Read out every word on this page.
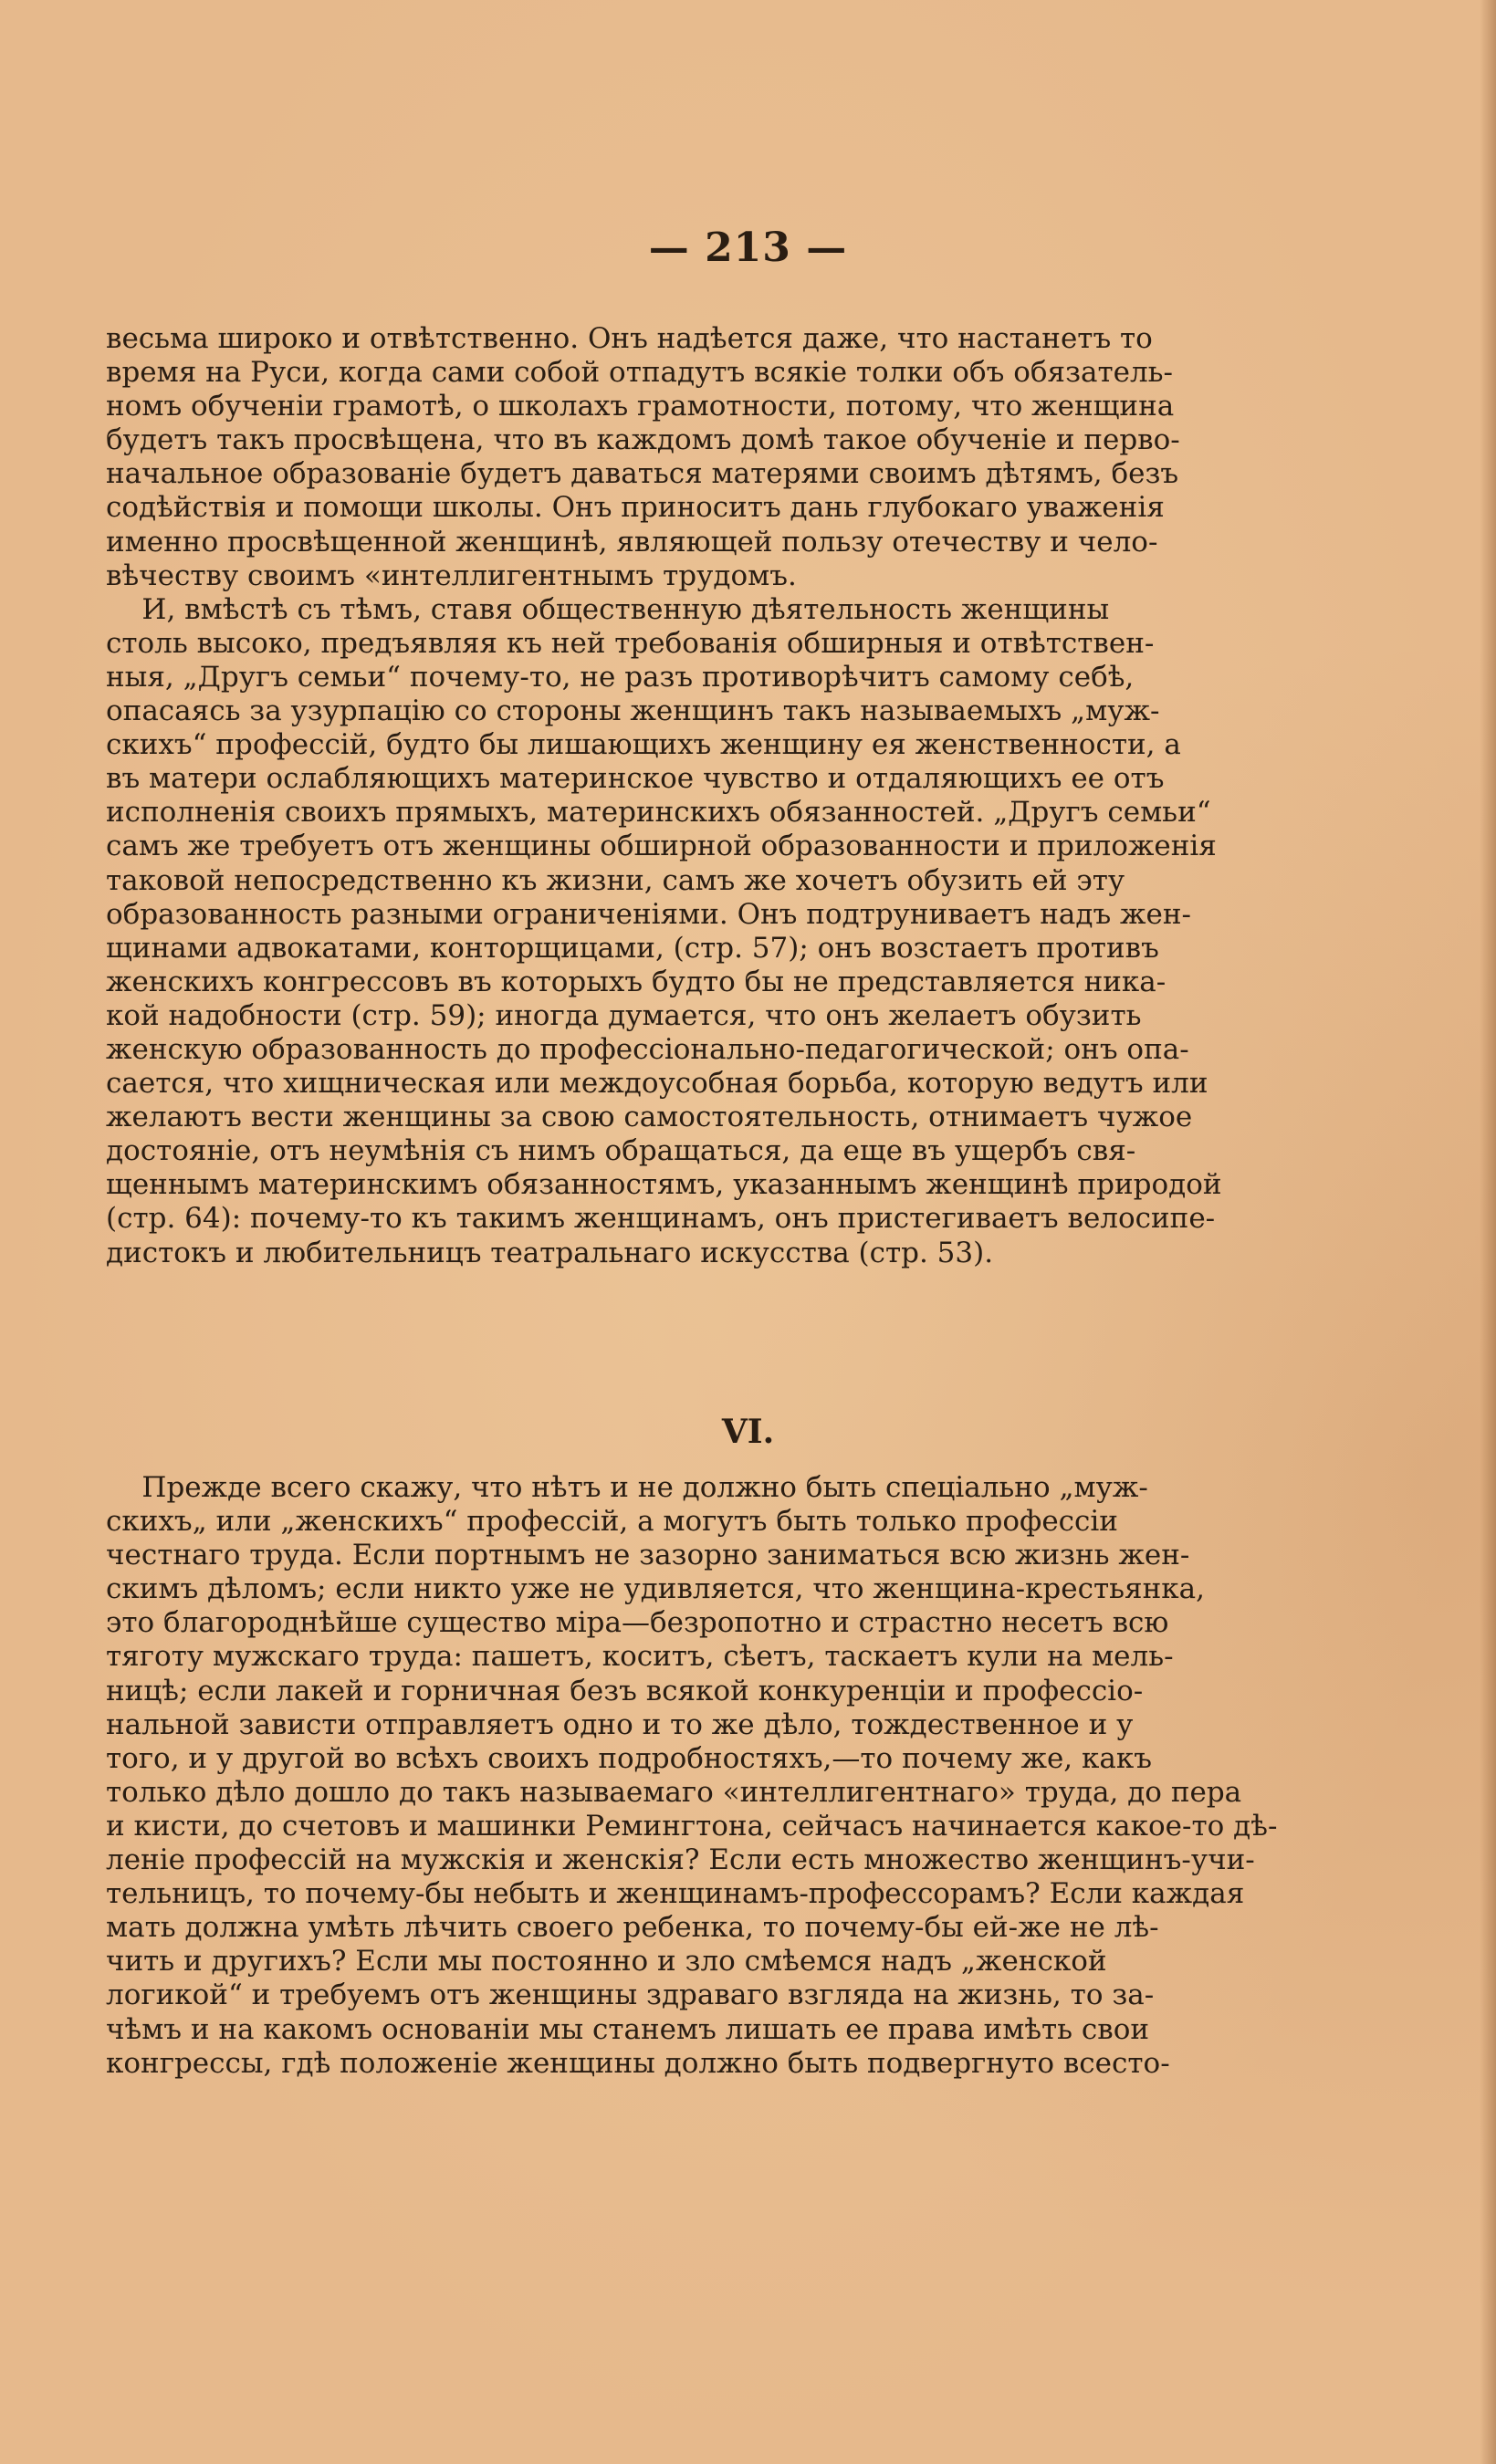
— 213 —
весьма широко и отвѣтственно. Онъ надѣется даже, что настанетъ то
время на Руси, когда сами собой отпадутъ всякіе толки объ обязатель-
номъ обученіи грамотѣ, о школахъ грамотности, потому, что женщина
будетъ такъ просвѣщена, что въ каждомъ домѣ такое обученіе и перво-
начальное образованіе будетъ даваться матерями своимъ дѣтямъ, безъ
содѣйствія и помощи школы. Онъ приноситъ дань глубокаго уваженія
именно просвѣщенной женщинѣ, являющей пользу отечеству и чело-
вѣчеству своимъ «интеллигентнымъ трудомъ.
И, вмѣстѣ съ тѣмъ, ставя общественную дѣятельность женщины
столь высоко, предъявляя къ ней требованія обширныя и отвѣтствен-
ныя, „Другъ семьи“ почему-то, не разъ противорѣчитъ самому себѣ,
опасаясь за узурпацію со стороны женщинъ такъ называемыхъ „муж-
скихъ“ профессій, будто бы лишающихъ женщину ея женственности, а
въ матери ослабляющихъ материнское чувство и отдаляющихъ ее отъ
исполненія своихъ прямыхъ, материнскихъ обязанностей. „Другъ семьи“
самъ же требуетъ отъ женщины обширной образованности и приложенія
таковой непосредственно къ жизни, самъ же хочетъ обузить ей эту
образованность разными ограниченіями. Онъ подтруниваетъ надъ жен-
щинами адвокатами, конторщицами, (стр. 57); онъ возстаетъ противъ
женскихъ конгрессовъ въ которыхъ будто бы не представляется ника-
кой надобности (стр. 59); иногда думается, что онъ желаетъ обузить
женскую образованность до профессіонально-педагогической; онъ опа-
сается, что хищническая или междоусобная борьба, которую ведутъ или
желаютъ вести женщины за свою самостоятельность, отнимаетъ чужое
достояніе, отъ неумѣнія съ нимъ обращаться, да еще въ ущербъ свя-
щеннымъ материнскимъ обязанностямъ, указаннымъ женщинѣ природой
(стр. 64): почему-то къ такимъ женщинамъ, онъ пристегиваетъ велосипе-
дистокъ и любительницъ театральнаго искусства (стр. 53).
VI.
Прежде всего скажу, что нѣтъ и не должно быть спеціально „муж-
скихъ„ или „женскихъ“ профессій, а могутъ быть только профессіи
честнаго труда. Если портнымъ не зазорно заниматься всю жизнь жен-
скимъ дѣломъ; если никто уже не удивляется, что женщина-крестьянка,
это благороднѣйше существо міра—безропотно и страстно несетъ всю
тяготу мужскаго труда: пашетъ, коситъ, сѣетъ, таскаетъ кули на мель-
ницѣ; если лакей и горничная безъ всякой конкуренціи и профессіо-
нальной зависти отправляетъ одно и то же дѣло, тождественное и у
того, и у другой во всѣхъ своихъ подробностяхъ,—то почему же, какъ
только дѣло дошло до такъ называемаго «интеллигентнаго» труда, до пера
и кисти, до счетовъ и машинки Ремингтона, сейчасъ начинается какое-то дѣ-
леніе профессій на мужскія и женскія? Если есть множество женщинъ-учи-
тельницъ, то почему-бы небыть и женщинамъ-профессорамъ? Если каждая
мать должна умѣть лѣчить своего ребенка, то почему-бы ей-же не лѣ-
чить и другихъ? Если мы постоянно и зло смѣемся надъ „женской
логикой“ и требуемъ отъ женщины здраваго взгляда на жизнь, то за-
чѣмъ и на какомъ основаніи мы станемъ лишать ее права имѣть свои
конгрессы, гдѣ положеніе женщины должно быть подвергнуто всесто-
